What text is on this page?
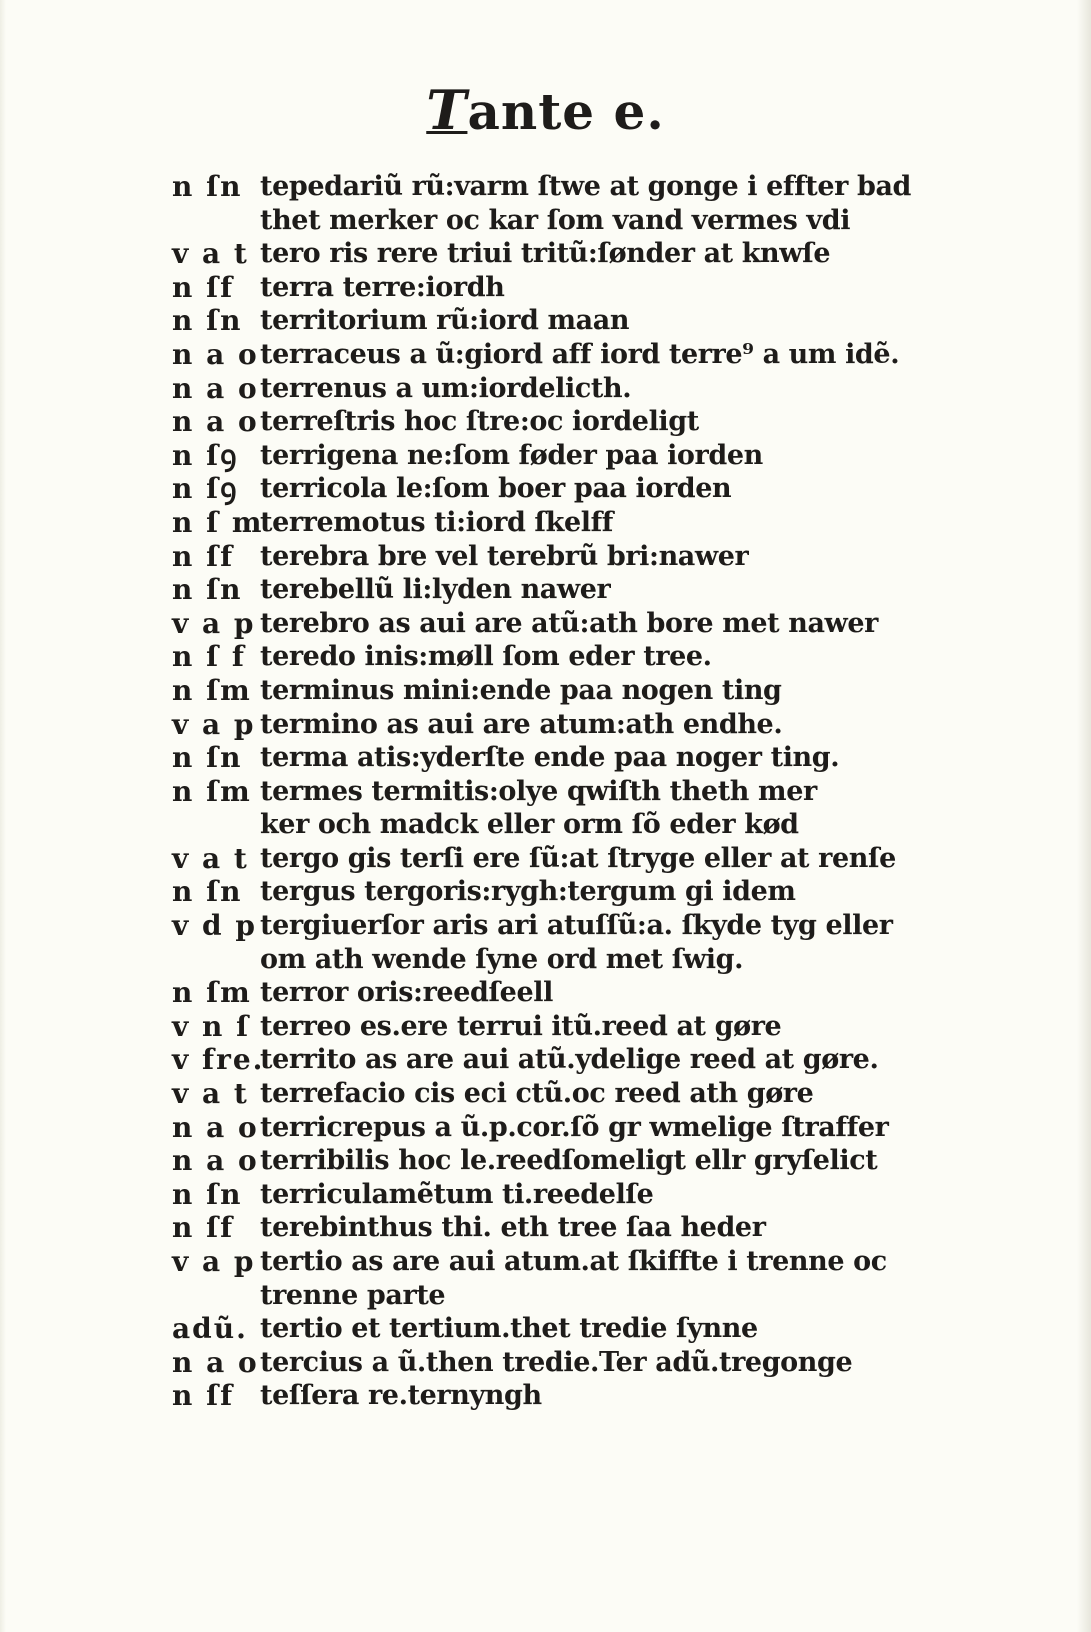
Tante e.
n ſn tepedariũ rũ:varm ſtwe at gonge i effter bad
thet merker oc kar ſom vand vermes vdi
v a t tero ris rere triui tritũ:ſønder at knwſe
n ſf terra terre:iordh
n ſn territorium rũ:iord maan
n a o terraceus a ũ:giord aff iord terre⁹ a um idẽ.
n a o terrenus a um:iordelicth.
n a o terreſtris hoc ſtre:oc iordeligt
n ſꝯ terrigena ne:ſom føder paa iorden
n ſꝯ terricola le:ſom boer paa iorden
n ſ m
terremotus ti:iord ſkelff
n ſf terebra bre vel terebrũ bri:nawer
n ſn terebellũ li:lyden nawer
v a p terebro as aui are atũ:ath bore met nawer
n ſ f teredo inis:møll ſom eder tree.
n ſm terminus mini:ende paa nogen ting
v a p termino as aui are atum:ath endhe.
n ſn terma atis:yderſte ende paa noger ting.
n ſm termes termitis:olye qwiſth theth mer
ker och madck eller orm ſõ eder kød
v a t tergo gis terſi ere ſũ:at ſtryge eller at renſe
n ſn tergus tergoris:rygh:tergum gi idem
v d p tergiuerſor aris ari atuſſũ:a. ſkyde tyg eller
om ath wende ſyne ord met ſwig.
n ſm terror oris:reedſeell
v n ſ terreo es.ere terrui itũ.reed at gøre
v fre.
territo as are aui atũ.ydelige reed at gøre.
v a t terrefacio cis eci ctũ.oc reed ath gøre
n a o terricrepus a ũ.p.cor.ſõ gr wmelige ſtraffer
n a o terribilis hoc le.reedſomeligt ellr gryſelict
n ſn terriculamẽtum ti.reedelſe
n ſf terebinthus thi. eth tree ſaa heder
v a p tertio as are aui atum.at ſkiffte i trenne oc
trenne parte
adũ. tertio et tertium.thet tredie ſynne
n a o tercius a ũ.then tredie.Ter adũ.tregonge
n ſf teſſera re.ternyngh
